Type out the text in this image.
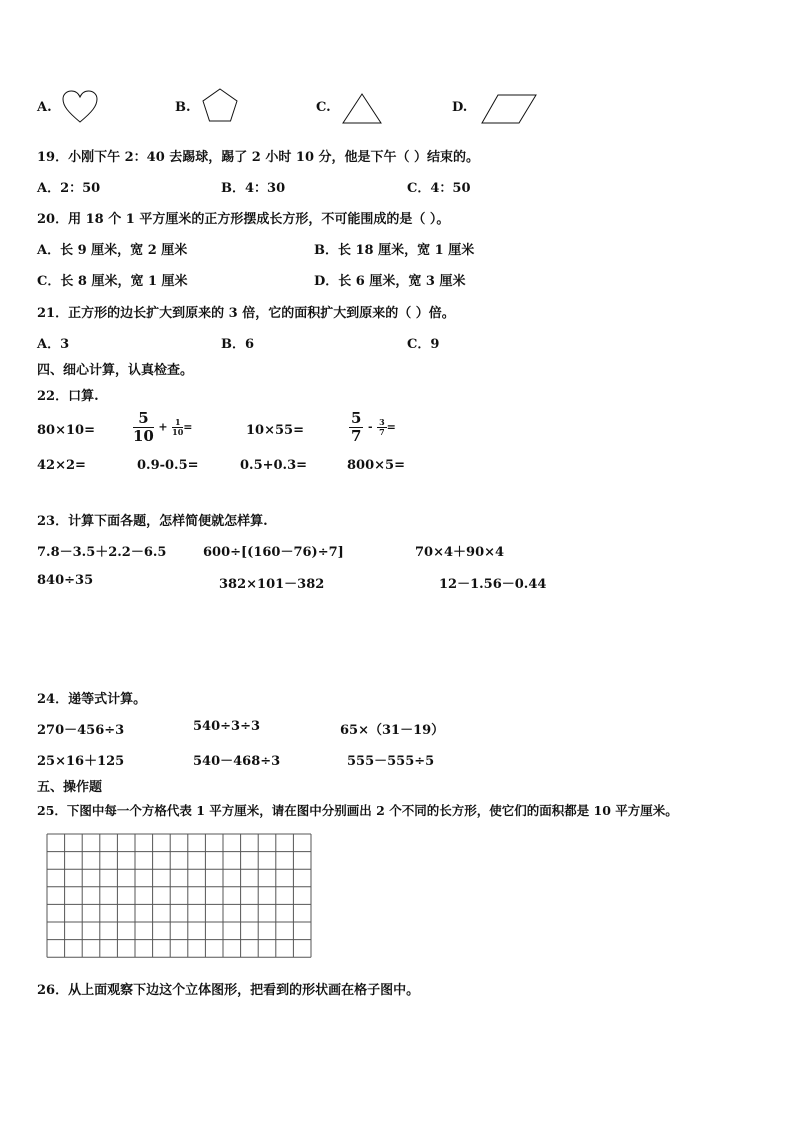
A.	B.	C.	D.
19．小刚下午 2：40 去踢球，踢了 2 小时 10 分，他是下午（ ）结束的。
A．2：50	B．4：30	C．4：50
20．用 18 个 1 平方厘米的正方形摆成长方形，不可能围成的是（ ）。
A．长 9 厘米，宽 2 厘米	B．长 18 厘米，宽 1 厘米
C．长 8 厘米，宽 1 厘米	D．长 6 厘米，宽 3 厘米
21．正方形的边长扩大到原来的 3 倍，它的面积扩大到原来的（ ）倍。
A．3	B．6	C．9
四、细心计算，认真检查。
22．口算.
80×10=	$\frac{5}{10} + \frac{1}{10}$ =	10×55=	$\frac{5}{7} - \frac{3}{7}$ =
42×2=	0.9-0.5=	0.5+0.3=	800×5=
23．计算下面各题，怎样简便就怎样算.
7.8－3.5＋2.2－6.5	600÷[(160－76)÷7]	70×4＋90×4
840÷35	382×101－382	12－1.56－0.44
24．递等式计算。
270－456÷3	540÷3÷3	65×（31－19）
25×16＋125	540－468÷3	555－555÷5
五、操作题
25．下图中每一个方格代表 1 平方厘米，请在图中分别画出 2 个不同的长方形，使它们的面积都是 10 平方厘米。
26．从上面观察下边这个立体图形，把看到的形状画在格子图中。
